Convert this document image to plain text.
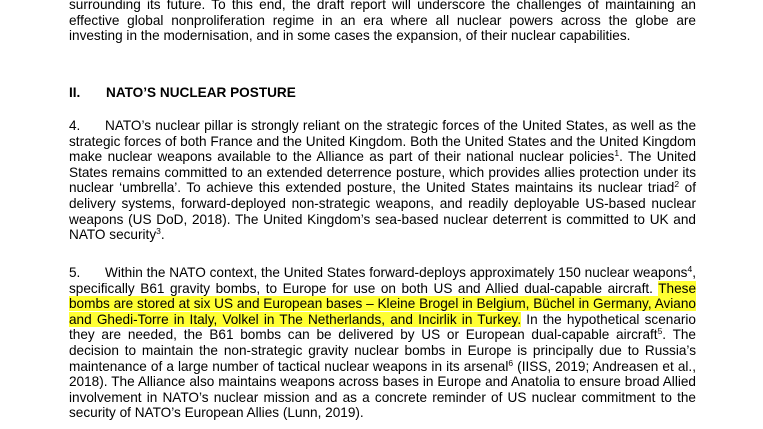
surrounding its future. To this end, the draft report will underscore the challenges of maintaining an effective global nonproliferation regime in an era where all nuclear powers across the globe are investing in the modernisation, and in some cases the expansion, of their nuclear capabilities.
II. NATO’S NUCLEAR POSTURE
4. NATO’s nuclear pillar is strongly reliant on the strategic forces of the United States, as well as the strategic forces of both France and the United Kingdom. Both the United States and the United Kingdom make nuclear weapons available to the Alliance as part of their national nuclear policies$^1$. The United States remains committed to an extended deterrence posture, which provides allies protection under its nuclear ‘umbrella’. To achieve this extended posture, the United States maintains its nuclear triad$^2$ of delivery systems, forward-deployed non-strategic weapons, and readily deployable US-based nuclear weapons (US DoD, 2018). The United Kingdom’s sea-based nuclear deterrent is committed to UK and NATO security$^3$.
5. Within the NATO context, the United States forward-deploys approximately 150 nuclear weapons$^4$, specifically B61 gravity bombs, to Europe for use on both US and Allied dual-capable aircraft. These bombs are stored at six US and European bases – Kleine Brogel in Belgium, Büchel in Germany, Aviano and Ghedi-Torre in Italy, Volkel in The Netherlands, and Incirlik in Turkey. In the hypothetical scenario they are needed, the B61 bombs can be delivered by US or European dual-capable aircraft$^5$. The decision to maintain the non-strategic gravity nuclear bombs in Europe is principally due to Russia’s maintenance of a large number of tactical nuclear weapons in its arsenal$^6$ (IISS, 2019; Andreasen et al., 2018). The Alliance also maintains weapons across bases in Europe and Anatolia to ensure broad Allied involvement in NATO’s nuclear mission and as a concrete reminder of US nuclear commitment to the security of NATO’s European Allies (Lunn, 2019).
